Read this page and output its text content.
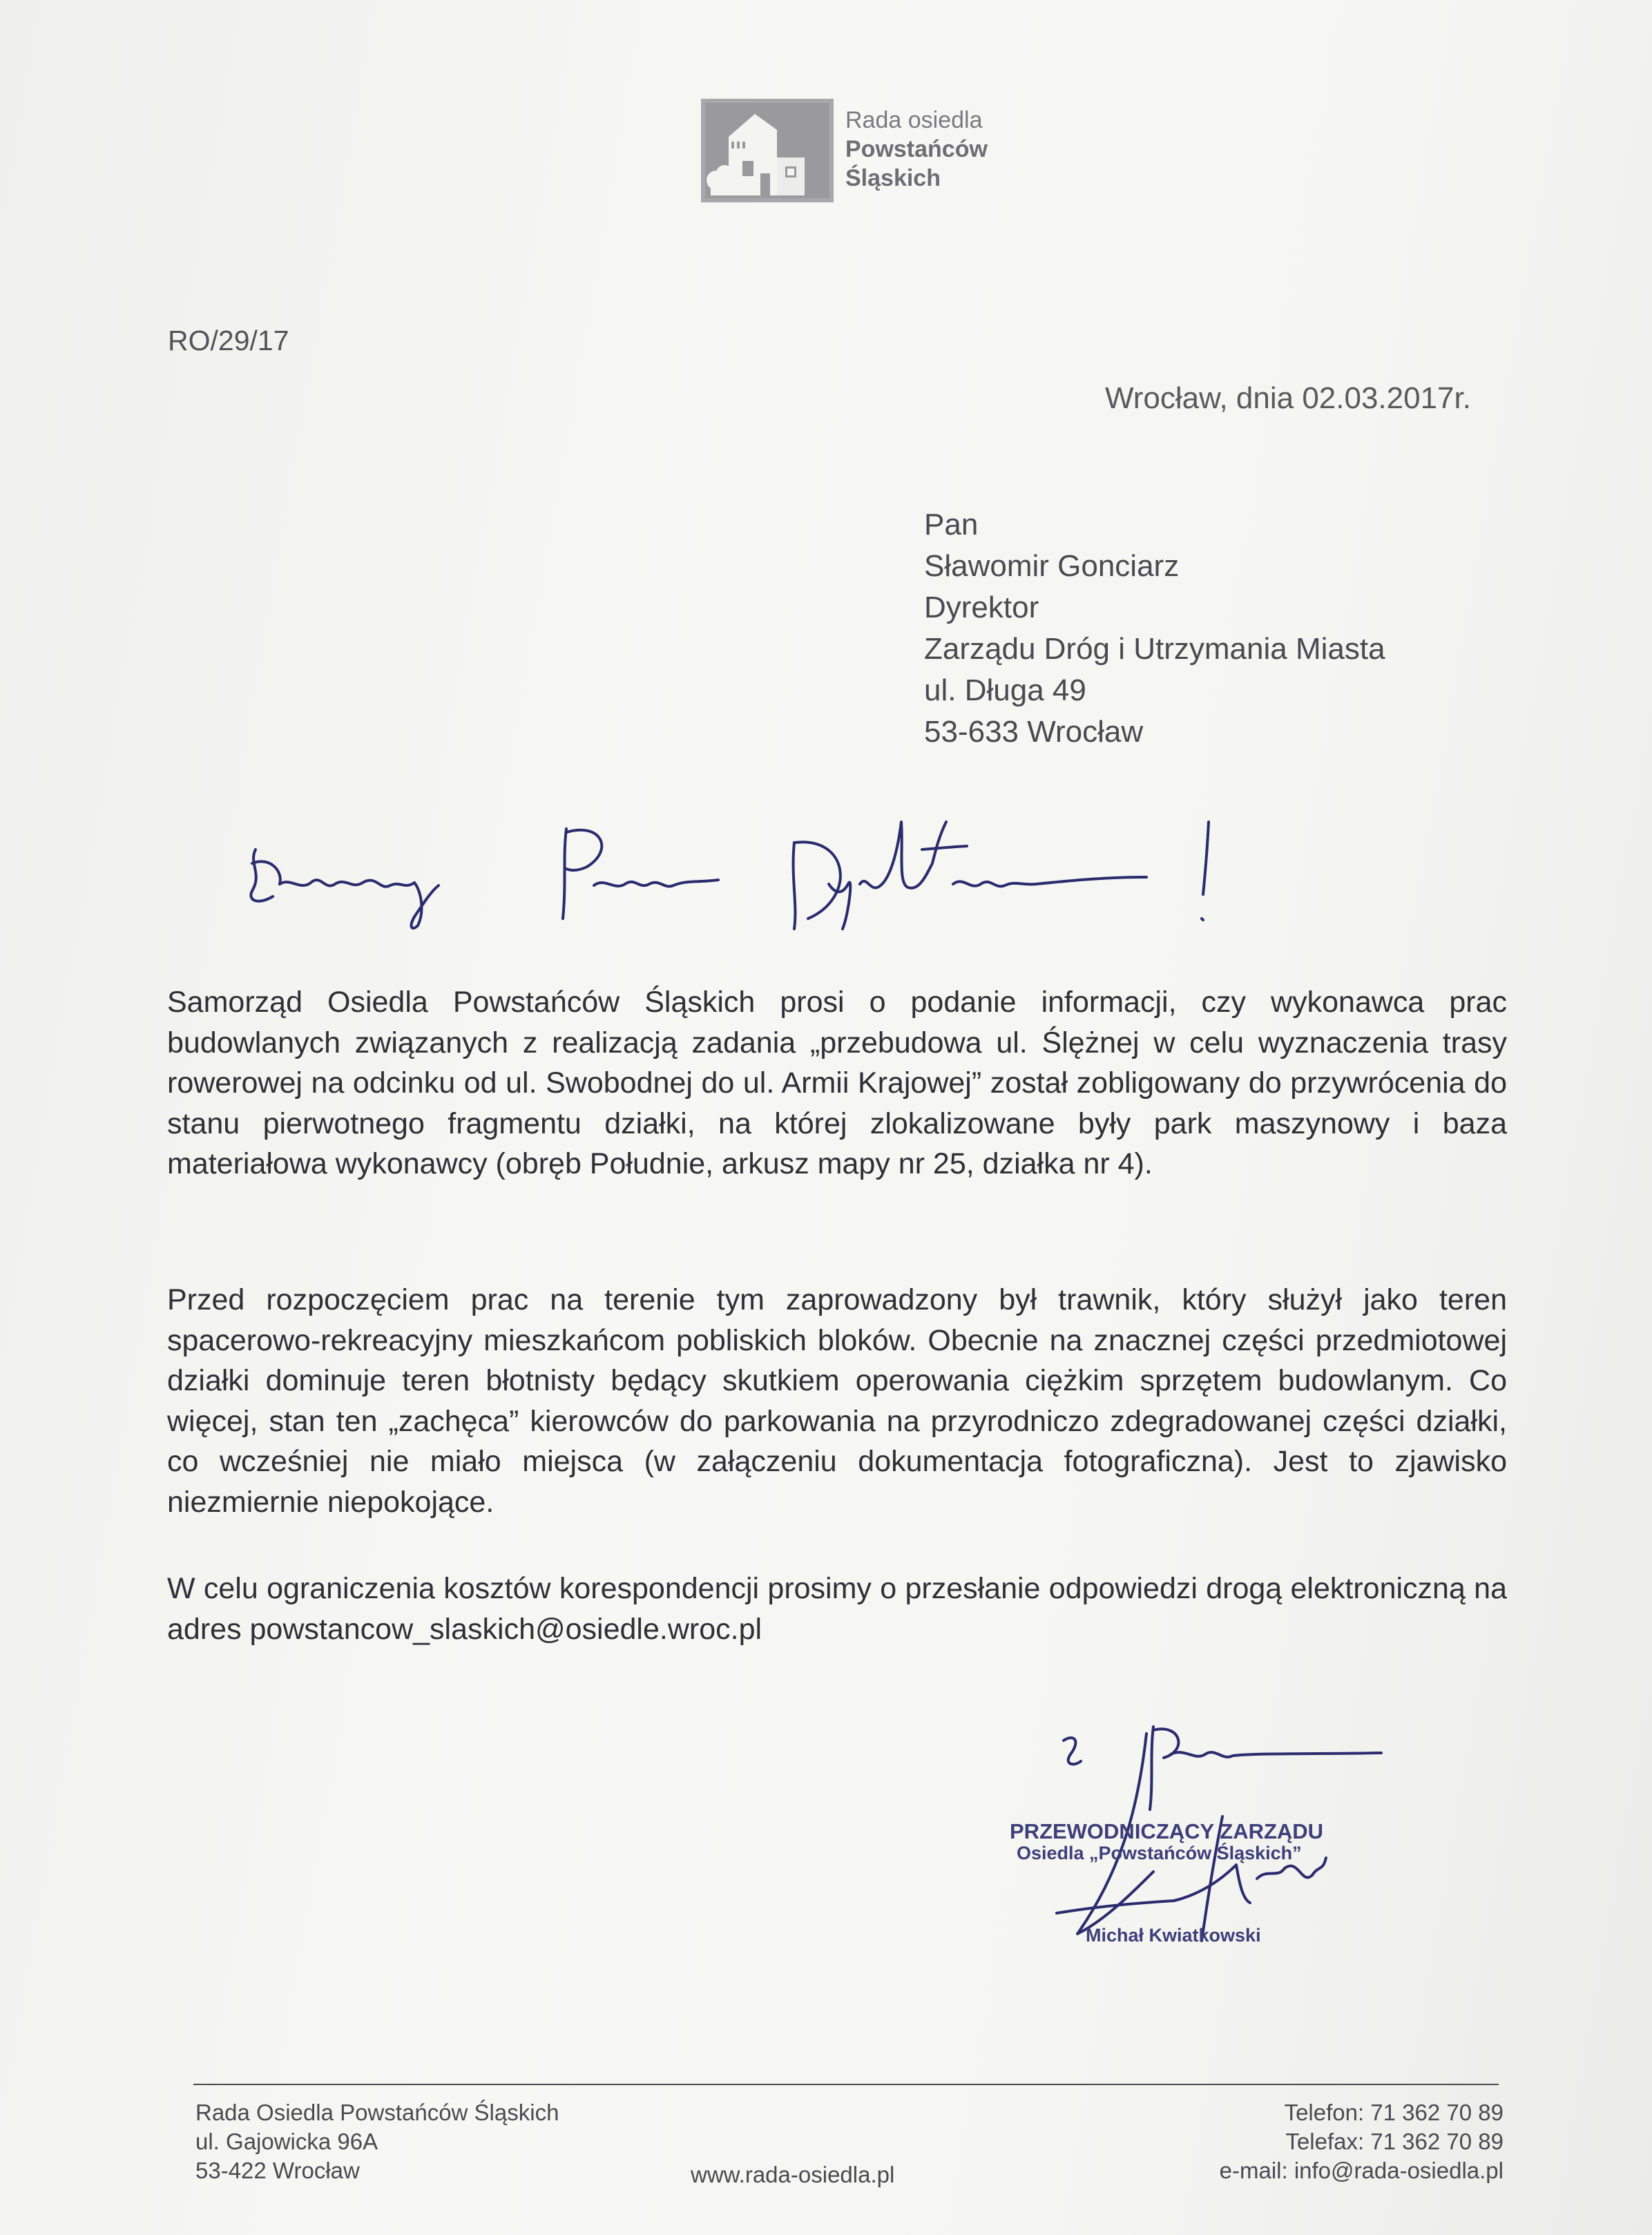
Rada osiedla
Powstańców
Śląskich
RO/29/17
Wrocław, dnia 02.03.2017r.
Pan
Sławomir Gonciarz
Dyrektor
Zarządu Dróg i Utrzymania Miasta
ul. Długa 49
53-633 Wrocław

Samorząd Osiedla Powstańców Śląskich prosi o podanie informacji, czy wykonawca prac budowlanych związanych z realizacją zadania „przebudowa ul. Ślężnej w celu wyznaczenia trasy rowerowej na odcinku od ul. Swobodnej do ul. Armii Krajowej” został zobligowany do przywrócenia do stanu pierwotnego fragmentu działki, na której zlokalizowane były park maszynowy i baza materiałowa wykonawcy (obręb Południe, arkusz mapy nr 25, działka nr 4).

Przed rozpoczęciem prac na terenie tym zaprowadzony był trawnik, który służył jako teren spacerowo-rekreacyjny mieszkańcom pobliskich bloków. Obecnie na znacznej części przedmiotowej działki dominuje teren błotnisty będący skutkiem operowania ciężkim sprzętem budowlanym. Co więcej, stan ten „zachęca” kierowców do parkowania na przyrodniczo zdegradowanej części działki, co wcześniej nie miało miejsca (w załączeniu dokumentacja fotograficzna). Jest to zjawisko niezmiernie niepokojące.

W celu ograniczenia kosztów korespondencji prosimy o przesłanie odpowiedzi drogą elektroniczną na adres powstancow_slaskich@osiedle.wroc.pl

PRZEWODNICZĄCY ZARZĄDU
Osiedla „Powstańców Śląskich”
Michał Kwiatkowski
Rada Osiedla Powstańców Śląskich
ul. Gajowicka 96A
53-422 Wrocław	www.rada-osiedla.pl
Telefon: 71 362 70 89
Telefax: 71 362 70 89
e-mail: info@rada-osiedla.pl
